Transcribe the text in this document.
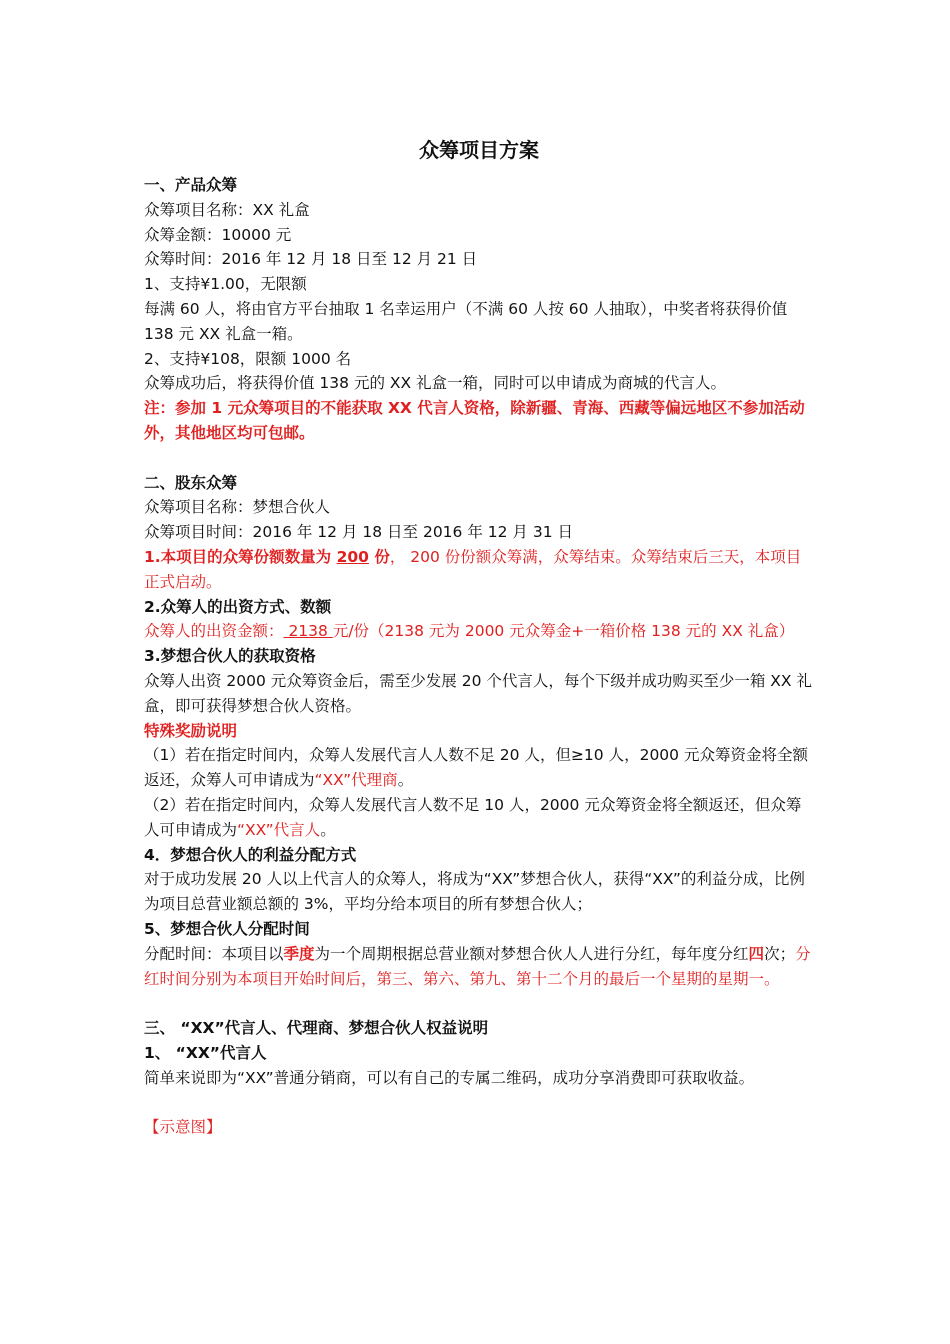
众筹项目方案
一、产品众筹
众筹项目名称：XX 礼盒
众筹金额：10000 元
众筹时间：2016 年 12 月 18 日至 12 月 21 日
1、支持¥1.00，无限额
每满 60 人，将由官方平台抽取 1 名幸运用户（不满 60 人按 60 人抽取），中奖者将获得价值 138 元 XX 礼盒一箱。
2、支持¥108，限额 1000 名
众筹成功后，将获得价值 138 元的 XX 礼盒一箱，同时可以申请成为商城的代言人。
注：参加 1 元众筹项目的不能获取 XX 代言人资格，除新疆、青海、西藏等偏远地区不参加活动外，其他地区均可包邮。
二、股东众筹
众筹项目名称：梦想合伙人
众筹项目时间：2016 年 12 月 18 日至 2016 年 12 月 31 日
1.本项目的众筹份额数量为 200 份， 200 份份额众筹满，众筹结束。众筹结束后三天，本项目正式启动。
2.众筹人的出资方式、数额
众筹人的出资金额： 2138 元/份（2138 元为 2000 元众筹金+一箱价格 138 元的 XX 礼盒）
3.梦想合伙人的获取资格
众筹人出资 2000 元众筹资金后，需至少发展 20 个代言人，每个下级并成功购买至少一箱 XX 礼盒，即可获得梦想合伙人资格。
特殊奖励说明
（1）若在指定时间内，众筹人发展代言人人数不足 20 人，但≥10 人，2000 元众筹资金将全额返还，众筹人可申请成为“XX”代理商。
（2）若在指定时间内，众筹人发展代言人数不足 10 人，2000 元众筹资金将全额返还，但众筹人可申请成为“XX”代言人。
4．梦想合伙人的利益分配方式
对于成功发展 20 人以上代言人的众筹人，将成为“XX”梦想合伙人，获得“XX”的利益分成，比例为项目总营业额总额的 3%，平均分给本项目的所有梦想合伙人；
5、梦想合伙人分配时间
分配时间：本项目以季度为一个周期根据总营业额对梦想合伙人人进行分红，每年度分红四次；分红时间分别为本项目开始时间后，第三、第六、第九、第十二个月的最后一个星期的星期一。
三、 “XX”代言人、代理商、梦想合伙人权益说明
1、 “XX”代言人
简单来说即为“XX”普通分销商，可以有自己的专属二维码，成功分享消费即可获取收益。
【示意图】
